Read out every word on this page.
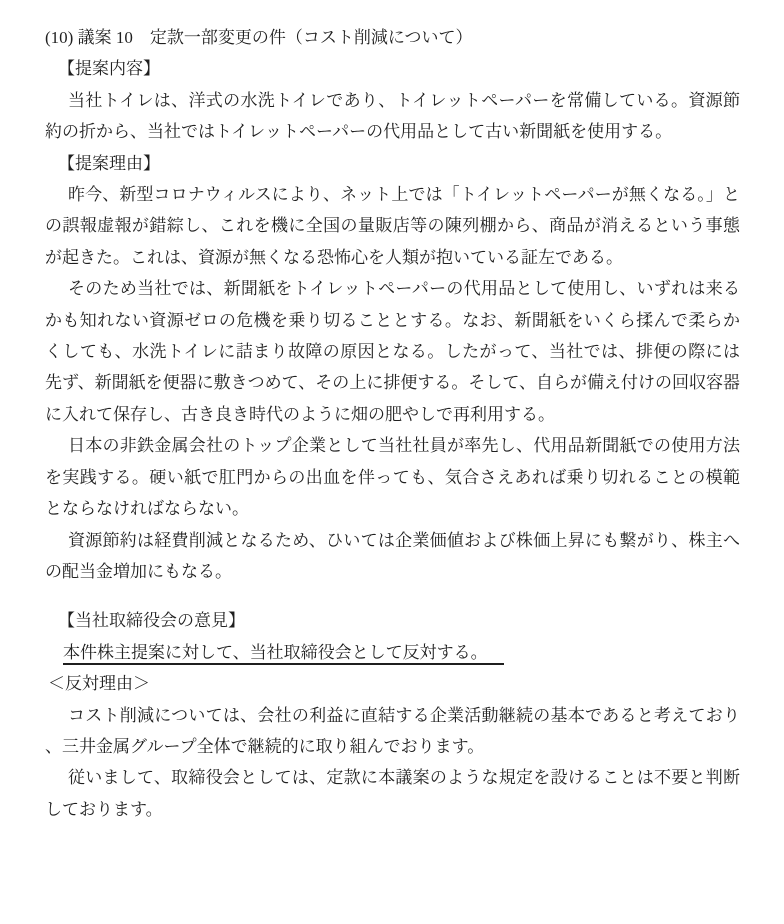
(10) 議案 10　定款一部変更の件（コスト削減について）

【提案内容】

当社トイレは、洋式の水洗トイレであり、トイレットペーパーを常備している。資源節約の折から、当社ではトイレットペーパーの代用品として古い新聞紙を使用する。

【提案理由】

昨今、新型コロナウィルスにより、ネット上では「トイレットペーパーが無くなる。」との誤報虚報が錯綜し、これを機に全国の量販店等の陳列棚から、商品が消えるという事態が起きた。これは、資源が無くなる恐怖心を人類が抱いている証左である。

そのため当社では、新聞紙をトイレットペーパーの代用品として使用し、いずれは来るかも知れない資源ゼロの危機を乗り切ることとする。なお、新聞紙をいくら揉んで柔らかくしても、水洗トイレに詰まり故障の原因となる。したがって、当社では、排便の際には先ず、新聞紙を便器に敷きつめて、その上に排便する。そして、自らが備え付けの回収容器に入れて保存し、古き良き時代のように畑の肥やしで再利用する。

日本の非鉄金属会社のトップ企業として当社社員が率先し、代用品新聞紙での使用方法を実践する。硬い紙で肛門からの出血を伴っても、気合さえあれば乗り切れることの模範とならなければならない。

資源節約は経費削減となるため、ひいては企業価値および株価上昇にも繋がり、株主への配当金増加にもなる。

【当社取締役会の意見】

本件株主提案に対して、当社取締役会として反対する。

＜反対理由＞

コスト削減については、会社の利益に直結する企業活動継続の基本であると考えており、三井金属グループ全体で継続的に取り組んでおります。

従いまして、取締役会としては、定款に本議案のような規定を設けることは不要と判断しております。
